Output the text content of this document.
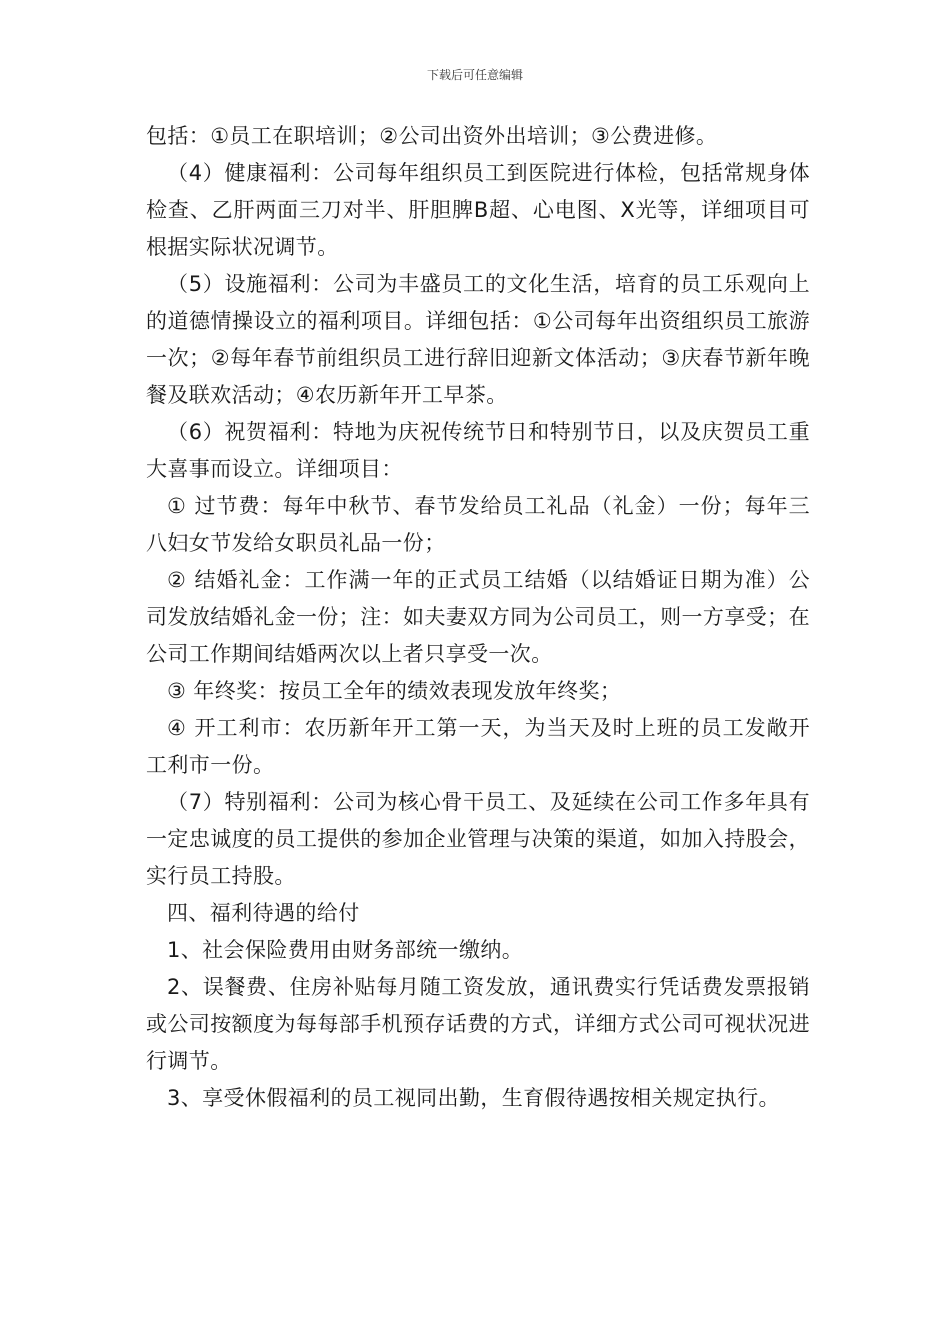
下载后可任意编辑

包括：①员工在职培训；②公司出资外出培训；③公费进修。

（4）健康福利：公司每年组织员工到医院进行体检，包括常规身体检查、乙肝两面三刀对半、肝胆脾B超、心电图、X光等，详细项目可根据实际状况调节。

（5）设施福利：公司为丰盛员工的文化生活，培育的员工乐观向上的道德情操设立的福利项目。详细包括：①公司每年出资组织员工旅游一次；②每年春节前组织员工进行辞旧迎新文体活动；③庆春节新年晚餐及联欢活动；④农历新年开工早茶。

（6）祝贺福利：特地为庆祝传统节日和特别节日，以及庆贺员工重大喜事而设立。详细项目：

① 过节费：每年中秋节、春节发给员工礼品（礼金）一份；每年三八妇女节发给女职员礼品一份；

② 结婚礼金：工作满一年的正式员工结婚（以结婚证日期为准）公司发放结婚礼金一份；注：如夫妻双方同为公司员工，则一方享受；在公司工作期间结婚两次以上者只享受一次。

③ 年终奖：按员工全年的绩效表现发放年终奖；

④ 开工利市：农历新年开工第一天，为当天及时上班的员工发敞开工利市一份。

（7）特别福利：公司为核心骨干员工、及延续在公司工作多年具有一定忠诚度的员工提供的参加企业管理与决策的渠道，如加入持股会，实行员工持股。

四、福利待遇的给付

1、社会保险费用由财务部统一缴纳。

2、误餐费、住房补贴每月随工资发放，通讯费实行凭话费发票报销或公司按额度为每每部手机预存话费的方式，详细方式公司可视状况进行调节。

3、享受休假福利的员工视同出勤，生育假待遇按相关规定执行。
